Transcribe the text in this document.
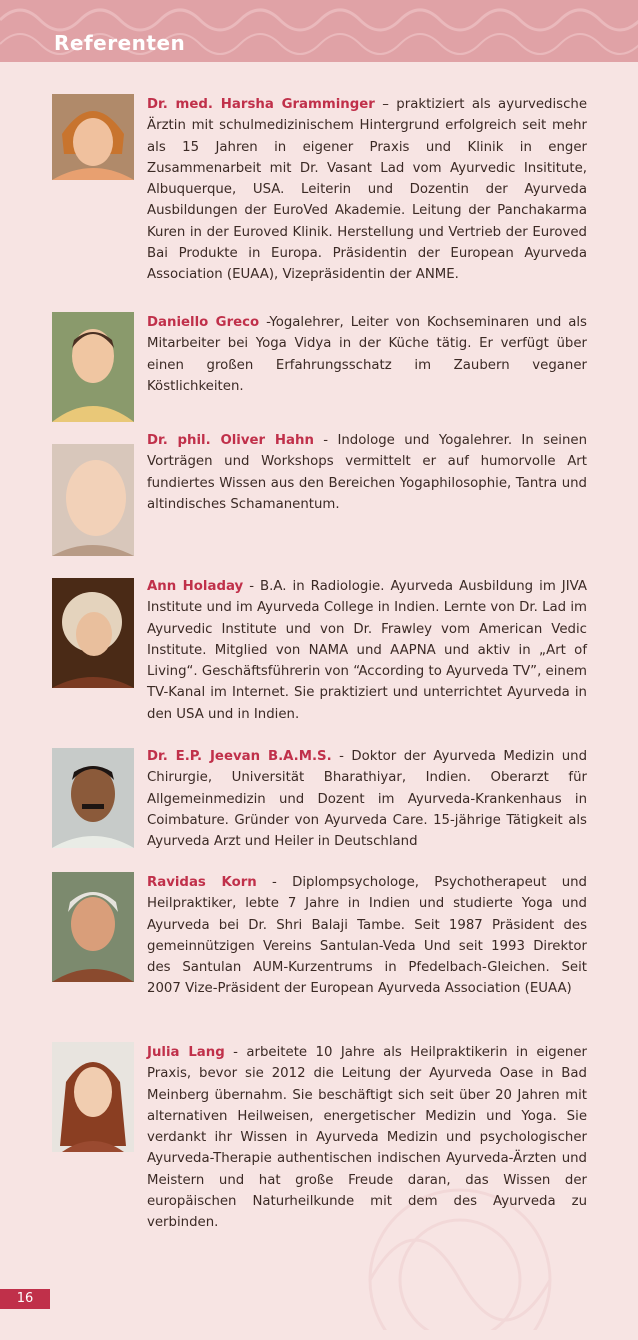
Referenten

Dr. med. Harsha Gramminger – praktiziert als ayurvedische Ärztin mit schulmedizinischem Hintergrund erfolgreich seit mehr als 15 Jahren in eigener Praxis und Klinik in enger Zusammenarbeit mit Dr. Vasant Lad vom Ayurvedic Insititute, Albuquerque, USA. Leiterin und Dozentin der Ayurveda Ausbildungen der EuroVed Akademie. Leitung der Panchakarma Kuren in der Euroved Klinik. Herstellung und Vertrieb der Euroved Bai Produkte in Europa. Präsidentin der European Ayurveda Association (EUAA), Vizepräsidentin der ANME.

Daniello Greco -Yogalehrer, Leiter von Kochseminaren und als Mitarbeiter bei Yoga Vidya in der Küche tätig. Er verfügt über einen großen Erfahrungsschatz im Zaubern veganer Köstlichkeiten.

Dr. phil. Oliver Hahn - Indologe und Yogalehrer. In seinen Vorträgen und Workshops vermittelt er auf humorvolle Art fundiertes Wissen aus den Bereichen Yogaphilosophie, Tantra und altindisches Schamanentum.

Ann Holaday - B.A. in Radiologie. Ayurveda Ausbildung im JIVA Institute und im Ayurveda College in Indien. Lernte von Dr. Lad im Ayurvedic Institute und von Dr. Frawley vom American Vedic Institute. Mitglied von NAMA und AAPNA und aktiv in „Art of Living“. Geschäftsführerin von “According to Ayurveda TV”, einem TV-Kanal im Internet. Sie praktiziert und unterrichtet Ayurveda in den USA und in Indien.

Dr. E.P. Jeevan B.A.M.S. - Doktor der Ayurveda Medizin und Chirurgie, Universität Bharathiyar, Indien. Oberarzt für Allgemeinmedizin und Dozent im Ayurveda-Krankenhaus in Coimbature. Gründer von Ayurveda Care. 15-jährige Tätigkeit als Ayurveda Arzt und Heiler in Deutschland

Ravidas Korn - Diplompsychologe, Psychotherapeut und Heilpraktiker, lebte 7 Jahre in Indien und studierte Yoga und Ayurveda bei Dr. Shri Balaji Tambe. Seit 1987 Präsident des gemeinnützigen Vereins Santulan-Veda Und seit 1993 Direktor des Santulan AUM-Kurzentrums in Pfedelbach-Gleichen. Seit 2007 Vize-Präsident der European Ayurveda Association (EUAA)

Julia Lang - arbeitete 10 Jahre als Heilpraktikerin in eigener Praxis, bevor sie 2012 die Leitung der Ayurveda Oase in Bad Meinberg übernahm. Sie beschäftigt sich seit über 20 Jahren mit alternativen Heilweisen, energetischer Medizin und Yoga. Sie verdankt ihr Wissen in Ayurveda Medizin und psychologischer Ayurveda-Therapie authentischen indischen Ayurveda-Ärzten und Meistern und hat große Freude daran, das Wissen der europäischen Naturheilkunde mit dem des Ayurveda zu verbinden.

16
